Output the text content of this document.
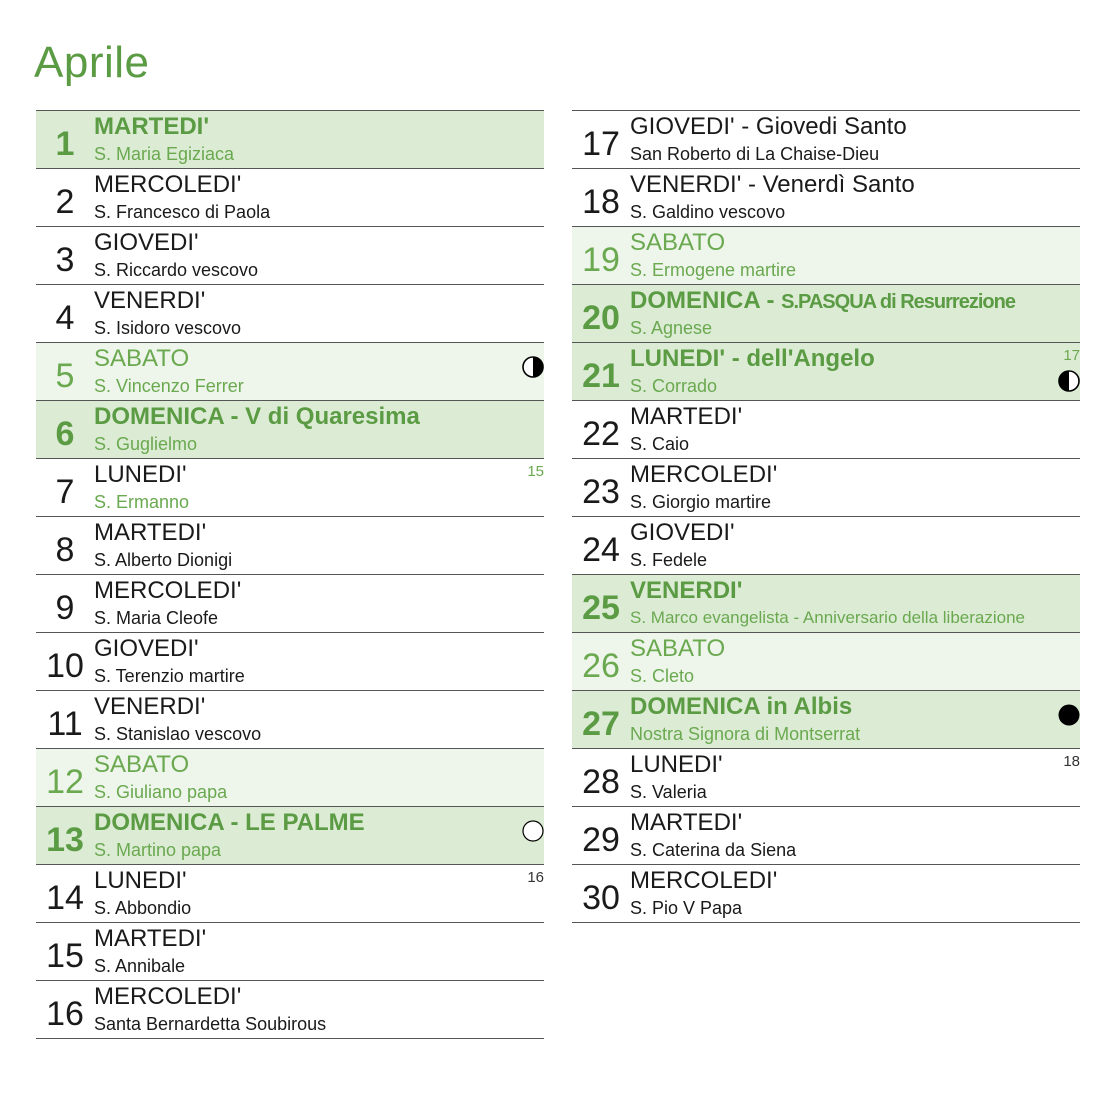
Aprile
1 MARTEDI'
S. Maria Egiziaca
2 MERCOLEDI'
S. Francesco di Paola
3 GIOVEDI'
S. Riccardo vescovo
4 VENERDI'
S. Isidoro vescovo
5 SABATO
S. Vincenzo Ferrer
6 DOMENICA - V di Quaresima
S. Guglielmo
7 LUNEDI'
S. Ermanno
15
8 MARTEDI'
S. Alberto Dionigi
9 MERCOLEDI'
S. Maria Cleofe
10 GIOVEDI'
S. Terenzio martire
11 VENERDI'
S. Stanislao vescovo
12 SABATO
S. Giuliano papa
13 DOMENICA - LE PALME
S. Martino papa
14 LUNEDI'
S. Abbondio
16
15 MARTEDI'
S. Annibale
16 MERCOLEDI'
Santa Bernardetta Soubirous
17 GIOVEDI' - Giovedi Santo
San Roberto di La Chaise-Dieu
18 VENERDI' - Venerdì Santo
S. Galdino vescovo
19 SABATO
S. Ermogene martire
20 DOMENICA - S.PASQUA di Resurrezione
S. Agnese
21 LUNEDI' - dell'Angelo
S. Corrado
17
22 MARTEDI'
S. Caio
23 MERCOLEDI'
S. Giorgio martire
24 GIOVEDI'
S. Fedele
25 VENERDI'
S. Marco evangelista - Anniversario della liberazione
26 SABATO
S. Cleto
27 DOMENICA in Albis
Nostra Signora di Montserrat
28 LUNEDI'
S. Valeria
18
29 MARTEDI'
S. Caterina da Siena
30 MERCOLEDI'
S. Pio V Papa
